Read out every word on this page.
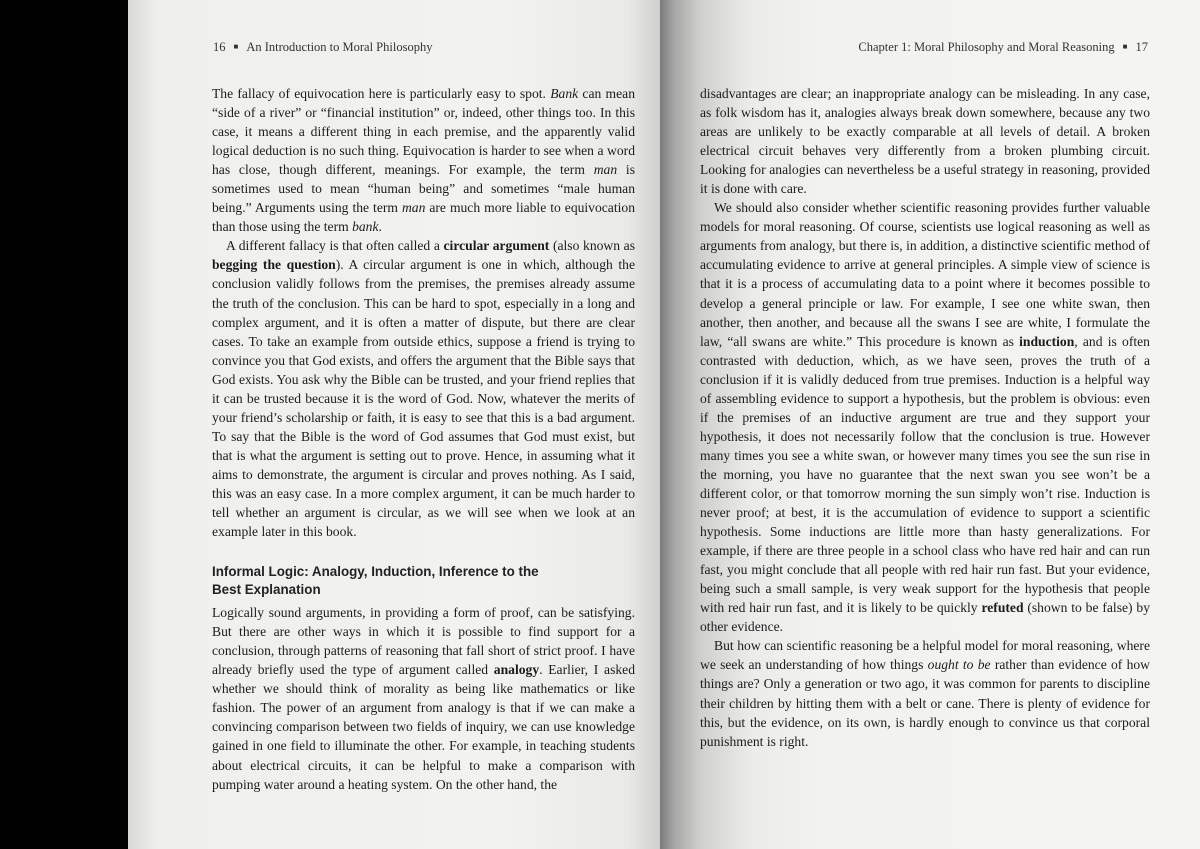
16 ■ An Introduction to Moral Philosophy

The fallacy of equivocation here is particularly easy to spot. Bank can mean “side of a river” or “financial institution” or, indeed, other things too. In this case, it means a different thing in each premise, and the apparently valid logical deduction is no such thing. Equivocation is harder to see when a word has close, though different, meanings. For example, the term man is sometimes used to mean “human being” and sometimes “male human being.” Arguments using the term man are much more liable to equivocation than those using the term bank.

A different fallacy is that often called a circular argument (also known as begging the question). A circular argument is one in which, although the conclusion validly follows from the premises, the premises already assume the truth of the conclusion. This can be hard to spot, especially in a long and complex argument, and it is often a matter of dispute, but there are clear cases. To take an example from outside ethics, suppose a friend is trying to convince you that God exists, and offers the argument that the Bible says that God exists. You ask why the Bible can be trusted, and your friend replies that it can be trusted because it is the word of God. Now, whatever the merits of your friend’s scholarship or faith, it is easy to see that this is a bad argument. To say that the Bible is the word of God assumes that God must exist, but that is what the argument is setting out to prove. Hence, in assuming what it aims to demonstrate, the argument is circular and proves nothing. As I said, this was an easy case. In a more complex argument, it can be much harder to tell whether an argument is circular, as we will see when we look at an example later in this book.

Informal Logic: Analogy, Induction, Inference to the Best Explanation

Logically sound arguments, in providing a form of proof, can be satisfying. But there are other ways in which it is possible to find support for a conclusion, through patterns of reasoning that fall short of strict proof. I have already briefly used the type of argument called analogy. Earlier, I asked whether we should think of morality as being like mathematics or like fashion. The power of an argument from analogy is that if we can make a convincing comparison between two fields of inquiry, we can use knowledge gained in one field to illuminate the other. For example, in teaching students about electrical circuits, it can be helpful to make a comparison with pumping water around a heating system. On the other hand, the

Chapter 1: Moral Philosophy and Moral Reasoning ■ 17

disadvantages are clear; an inappropriate analogy can be misleading. In any case, as folk wisdom has it, analogies always break down somewhere, because any two areas are unlikely to be exactly comparable at all levels of detail. A broken electrical circuit behaves very differently from a broken plumbing circuit. Looking for analogies can nevertheless be a useful strategy in reasoning, provided it is done with care.

We should also consider whether scientific reasoning provides further valuable models for moral reasoning. Of course, scientists use logical reasoning as well as arguments from analogy, but there is, in addition, a distinctive scientific method of accumulating evidence to arrive at general principles. A simple view of science is that it is a process of accumulating data to a point where it becomes possible to develop a general principle or law. For example, I see one white swan, then another, then another, and because all the swans I see are white, I formulate the law, “all swans are white.” This procedure is known as induction, and is often contrasted with deduction, which, as we have seen, proves the truth of a conclusion if it is validly deduced from true premises. Induction is a helpful way of assembling evidence to support a hypothesis, but the problem is obvious: even if the premises of an inductive argument are true and they support your hypothesis, it does not necessarily follow that the conclusion is true. However many times you see a white swan, or however many times you see the sun rise in the morning, you have no guarantee that the next swan you see won’t be a different color, or that tomorrow morning the sun simply won’t rise. Induction is never proof; at best, it is the accumulation of evidence to support a scientific hypothesis. Some inductions are little more than hasty generalizations. For example, if there are three people in a school class who have red hair and can run fast, you might conclude that all people with red hair run fast. But your evidence, being such a small sample, is very weak support for the hypothesis that people with red hair run fast, and it is likely to be quickly refuted (shown to be false) by other evidence.

But how can scientific reasoning be a helpful model for moral reasoning, where we seek an understanding of how things ought to be rather than evidence of how things are? Only a generation or two ago, it was common for parents to discipline their children by hitting them with a belt or cane. There is plenty of evidence for this, but the evidence, on its own, is hardly enough to convince us that corporal punishment is right.
